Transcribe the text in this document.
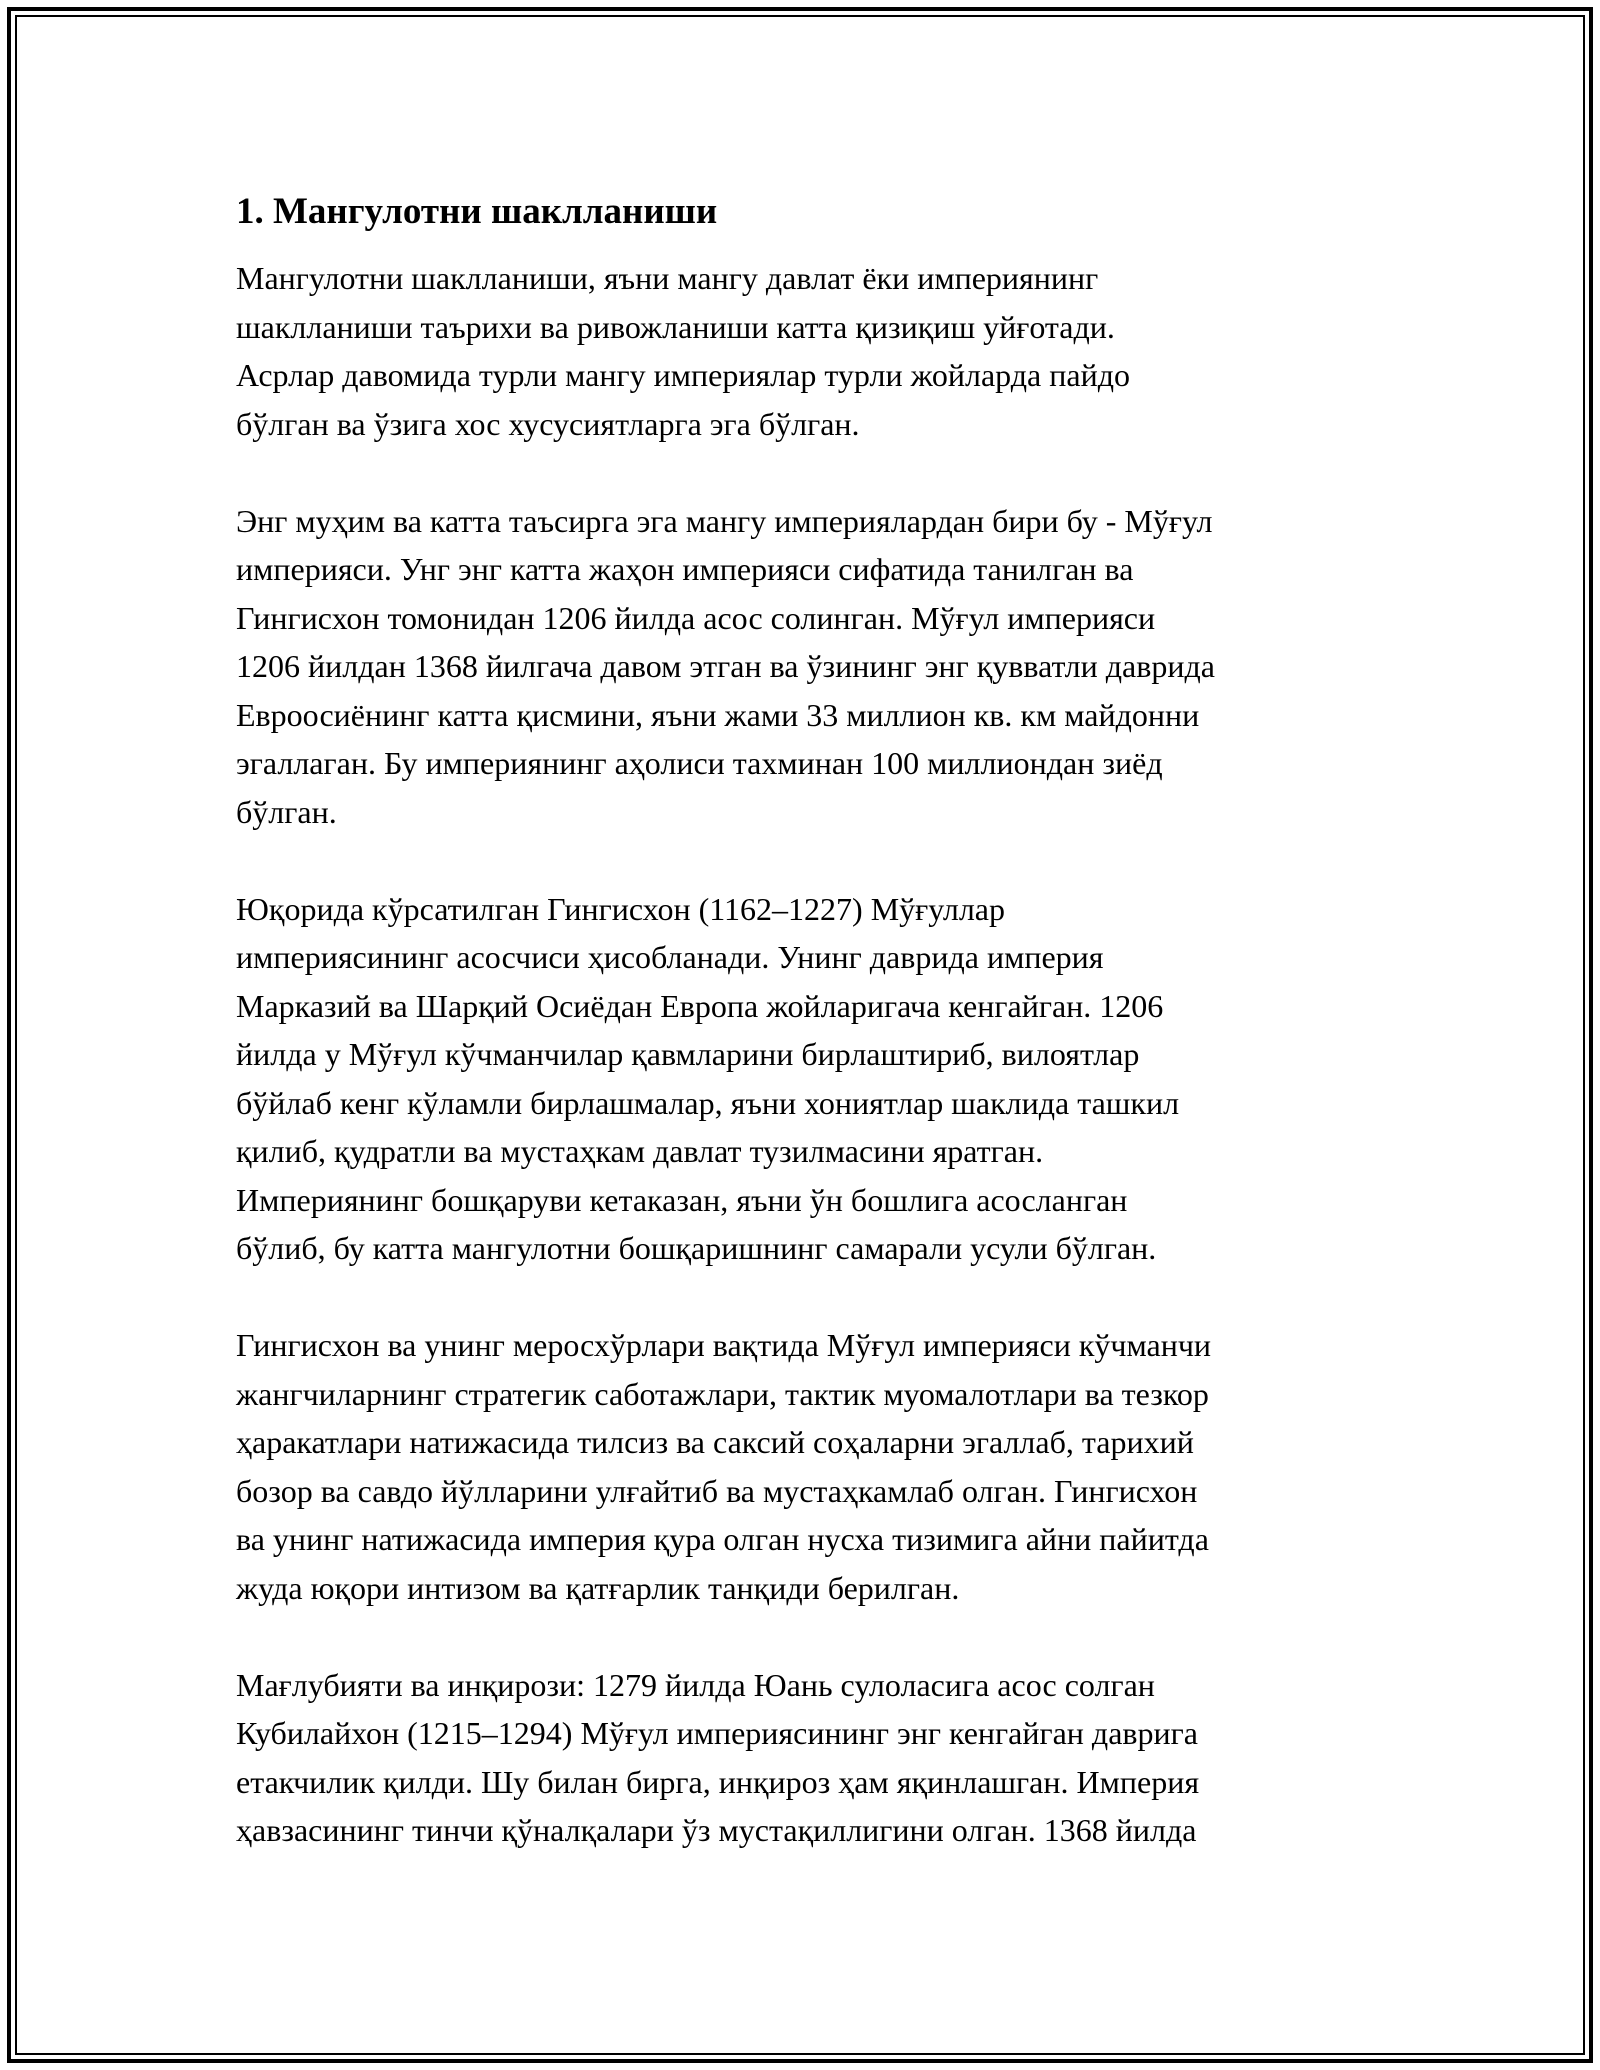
1. Мангулотни шаклланиши

Мангулотни шаклланиши, яъни мангу давлат ёки империянинг
шаклланиши таърихи ва ривожланиши катта қизиқиш уйғотади.
Асрлар давомида турли мангу империялар турли жойларда пайдо
бўлган ва ўзига хос хусусиятларга эга бўлган.

Энг муҳим ва катта таъсирга эга мангу империялардан бири бу - Мўғул
империяси. Унг энг катта жаҳон империяси сифатида танилган ва
Гингисхон томонидан 1206 йилда асос солинган. Мўғул империяси
1206 йилдан 1368 йилгача давом этган ва ўзининг энг қувватли даврида
Евроосиёнинг катта қисмини, яъни жами 33 миллион кв. км майдонни
эгаллаган. Бу империянинг аҳолиси тахминан 100 миллиондан зиёд
бўлган.

Юқорида кўрсатилган Гингисхон (1162–1227) Мўғуллар
империясининг асосчиси ҳисобланади. Унинг даврида империя
Марказий ва Шарқий Осиёдан Европа жойларигача кенгайган. 1206
йилда у Мўғул кўчманчилар қавмларини бирлаштириб, вилоятлар
бўйлаб кенг кўламли бирлашмалар, яъни хониятлар шаклида ташкил
қилиб, қудратли ва мустаҳкам давлат тузилмасини яратган.
Империянинг бошқаруви кетаказан, яъни ўн бошлига асосланган
бўлиб, бу катта мангулотни бошқаришнинг самарали усули бўлган.

Гингисхон ва унинг меросхўрлари вақтида Мўғул империяси кўчманчи
жангчиларнинг стратегик саботажлари, тактик муомалотлари ва тезкор
ҳаракатлари натижасида тилсиз ва саксий соҳаларни эгаллаб, тарихий
бозор ва савдо йўлларини улғайтиб ва мустаҳкамлаб олган. Гингисхон
ва унинг натижасида империя қура олган нусха тизимига айни пайитда
жуда юқори интизом ва қатғарлик танқиди берилган.

Мағлубияти ва инқирози: 1279 йилда Юань сулоласига асос солган
Кубилайхон (1215–1294) Мўғул империясининг энг кенгайган даврига
етакчилик қилди. Шу билан бирга, инқироз ҳам яқинлашган. Империя
ҳавзасининг тинчи қўналқалари ўз мустақиллигини олган. 1368 йилда
